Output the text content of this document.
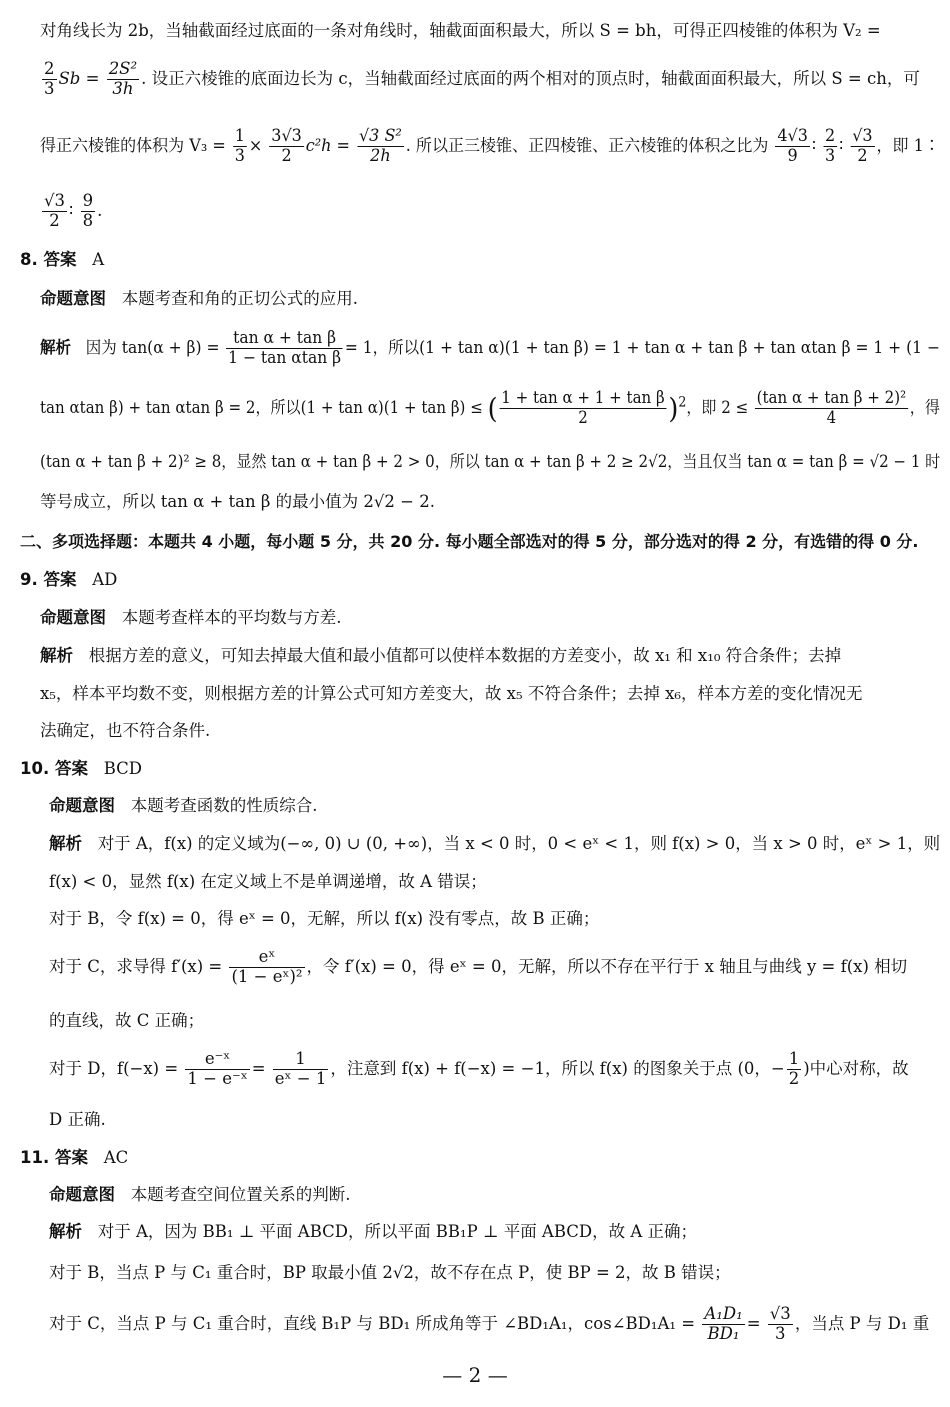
对角线长为 2b，当轴截面经过底面的一条对角线时，轴截面面积最大，所以 S = bh，可得正四棱锥的体积为 V₂ =
$\frac{2}{3}$ $Sb = \frac{\text{2S²}}{3h}$ . 设正六棱锥的底面边长为 c，当轴截面经过底面的两个相对的顶点时，轴截面面积最大，所以 S = ch，可
得正六棱锥的体积为 $V_3 = \frac{1}{3} \times \frac{3√3}{2} c^2h = \frac{\text{√3 S²}}{2h}$ . 所以正三棱锥、正四棱锥、正六棱锥的体积之比为 $\frac{4√3}{9}$ ∶ $\frac{2}{3}$ ∶ $\frac{√3}{2}$ ，即 1∶
$\frac{√3}{2}$ ∶ $\frac{9}{8}$ .
8. 答案 A
命题意图 本题考查和角的正切公式的应用.
解析 因为 $\tan(\alpha + \beta) = \frac{\text{tan α + tan β}}{\text{1 − tan αtan β}} = 1$，所以(1 + tan α)(1 + tan β) = 1 + tan α + tan β + tan αtan β = 1 + (1 −
tan αtan β) + tan αtan β = 2，所以(1 + tan α)(1 + tan β) ≤ ( $\frac{\text{1 + tan α + 1 + tan β}}{2} )^2$，即 $2 \le \frac{\text{(tan α + tan β + 2)²}}{4}$ ，得
(tan α + tan β + 2)² ≥ 8，显然 tan α + tan β + 2 > 0，所以 tan α + tan β + 2 ≥ 2√2，当且仅当 tan α = tan β = √2 − 1 时
等号成立，所以 tan α + tan β 的最小值为 2√2 − 2.
二、多项选择题：本题共 4 小题，每小题 5 分，共 20 分. 每小题全部选对的得 5 分，部分选对的得 2 分，有选错的得 0 分.
9. 答案 AD
命题意图 本题考查样本的平均数与方差.
解析 根据方差的意义，可知去掉最大值和最小值都可以使样本数据的方差变小，故 x₁ 和 x₁₀ 符合条件；去掉
x₅，样本平均数不变，则根据方差的计算公式可知方差变大，故 x₅ 不符合条件；去掉 x₆，样本方差的变化情况无
法确定，也不符合条件.
10. 答案 BCD
命题意图 本题考查函数的性质综合.
解析 对于 A，f(x) 的定义域为(−∞, 0) ∪ (0, +∞)，当 x < 0 时，0 < eˣ < 1，则 f(x) > 0，当 x > 0 时，eˣ > 1，则
f(x) < 0，显然 f(x) 在定义域上不是单调递增，故 A 错误；
对于 B，令 f(x) = 0，得 eˣ = 0，无解，所以 f(x) 没有零点，故 B 正确；
对于 C，求导得 $f'(x) = \frac{\text{eˣ}}{\text{(1 − eˣ)²}}$ ，令 f′(x) = 0，得 eˣ = 0，无解，所以不存在平行于 x 轴且与曲线 y = f(x) 相切
的直线，故 C 正确；
对于 D，$f(-x) = \frac{\text{e⁻ˣ}}{\text{1 − e⁻ˣ}} = \frac{1}{\text{eˣ − 1}}$ ，注意到 f(x) + f(−x) = −1，所以 f(x) 的图象关于点 (0，− $\frac{1}{2}$ )中心对称，故
D 正确.
11. 答案 AC
命题意图 本题考查空间位置关系的判断.
解析 对于 A，因为 BB₁ ⊥ 平面 ABCD，所以平面 BB₁P ⊥ 平面 ABCD，故 A 正确；
对于 B，当点 P 与 C₁ 重合时，BP 取最小值 2√2，故不存在点 P，使 BP = 2，故 B 错误；
对于 C，当点 P 与 C₁ 重合时，直线 B₁P 与 BD₁ 所成角等于 ∠BD₁A₁，cos∠BD₁A₁ = $\frac{\text{A₁D₁}}{\text{BD₁}} = \frac{√3}{3}$ ，当点 P 与 D₁ 重
— 2 —
